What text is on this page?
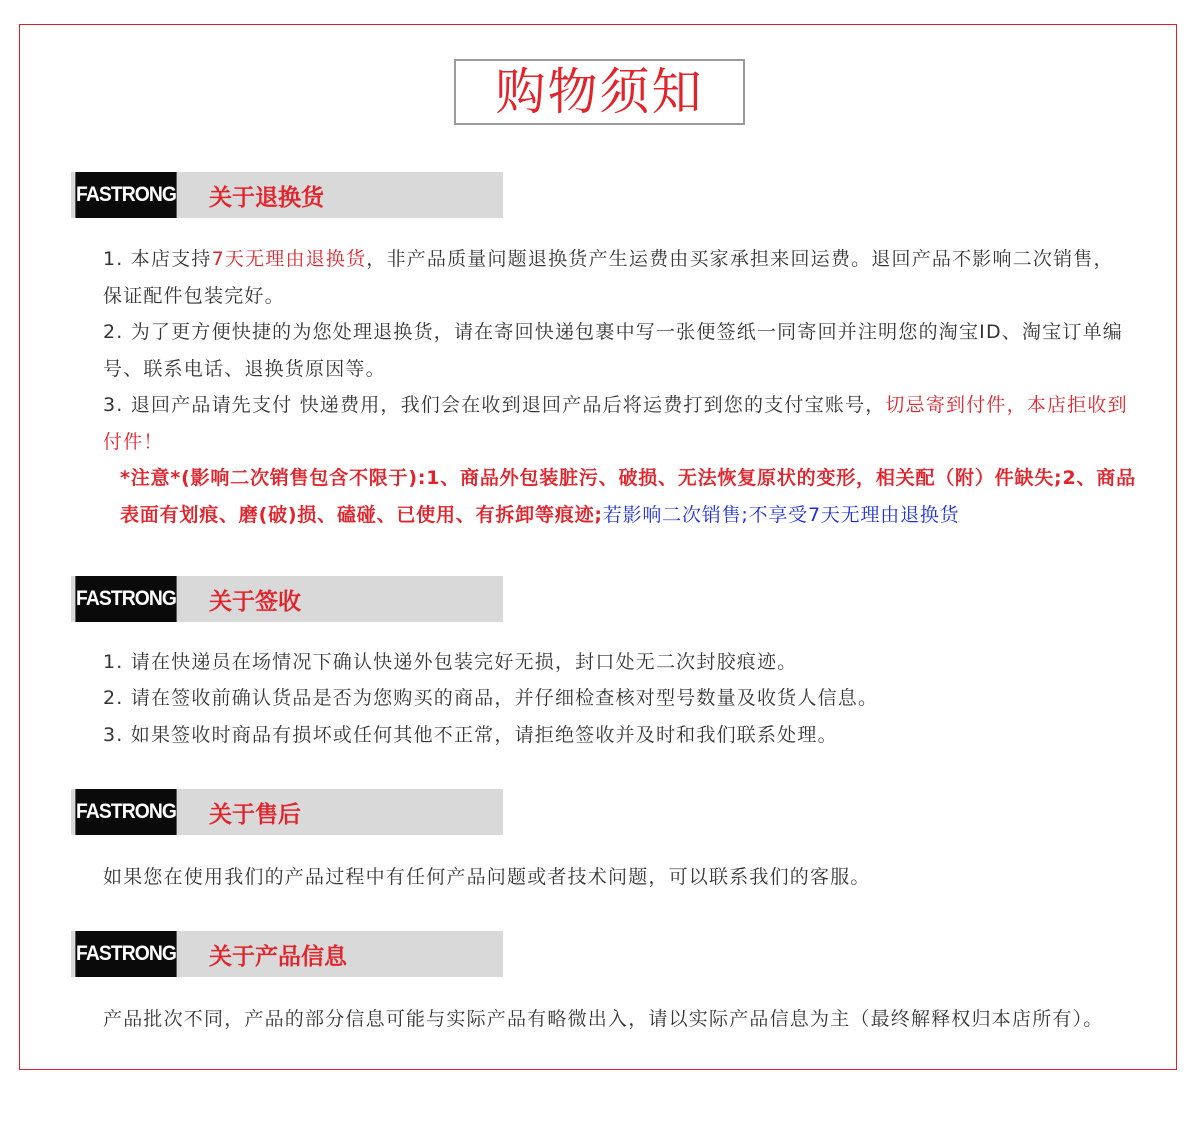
购物须知
FASTRONG 关于退换货

1. 本店支持7天无理由退换货，非产品质量问题退换货产生运费由买家承担来回运费。退回产品不影响二次销售，保证配件包装完好。

2. 为了更方便快捷的为您处理退换货，请在寄回快递包裹中写一张便签纸一同寄回并注明您的淘宝ID、淘宝订单编号、联系电话、退换货原因等。

3. 退回产品请先支付 快递费用，我们会在收到退回产品后将运费打到您的支付宝账号，切忌寄到付件，本店拒收到付件！

*注意*(影响二次销售包含不限于):1、商品外包装脏污、破损、无法恢复原状的变形，相关配（附）件缺失;2、商品表面有划痕、磨(破)损、磕碰、已使用、有拆卸等痕迹;若影响二次销售;不享受7天无理由退换货

FASTRONG 关于签收

1. 请在快递员在场情况下确认快递外包装完好无损，封口处无二次封胶痕迹。

2. 请在签收前确认货品是否为您购买的商品，并仔细检查核对型号数量及收货人信息。

3. 如果签收时商品有损坏或任何其他不正常，请拒绝签收并及时和我们联系处理。

FASTRONG 关于售后

如果您在使用我们的产品过程中有任何产品问题或者技术问题，可以联系我们的客服。

FASTRONG 关于产品信息

产品批次不同，产品的部分信息可能与实际产品有略微出入，请以实际产品信息为主（最终解释权归本店所有）。
